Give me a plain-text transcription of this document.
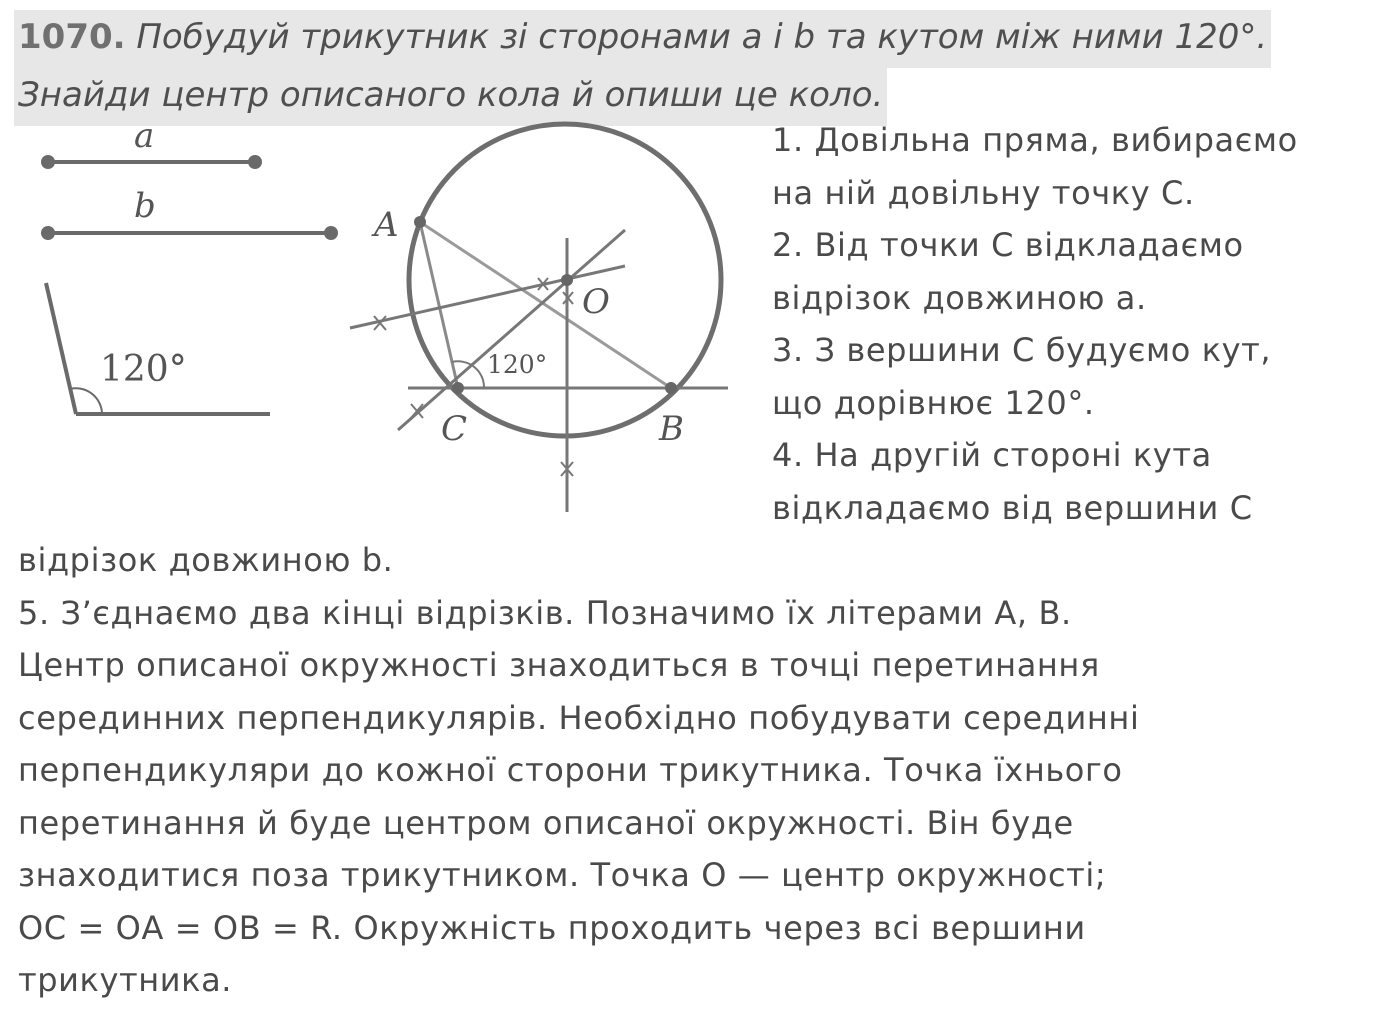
1070. Побудуй трикутник зі сторонами a і b та кутом між ними 120°.
Знайди центр описаного кола й опиши це коло.
a
b
120°	120°
A
C	B
O
1. Довільна пряма, вибираємо
на ній довільну точку С.
2. Від точки С відкладаємо
відрізок довжиною а.
3. З вершини С будуємо кут,
що дорівнює 120°.
4. На другій стороні кута
відкладаємо від вершини С
відрізок довжиною b.
5. З’єднаємо два кінці відрізків. Позначимо їх літерами А, В.
Центр описаної окружності знаходиться в точці перетинання
серединних перпендикулярів. Необхідно побудувати серединні
перпендикуляри до кожної сторони трикутника. Точка їхнього
перетинання й буде центром описаної окружності. Він буде
знаходитися поза трикутником. Точка О — центр окружності;
ОС = ОА = ОВ = R. Окружність проходить через всі вершини
трикутника.
